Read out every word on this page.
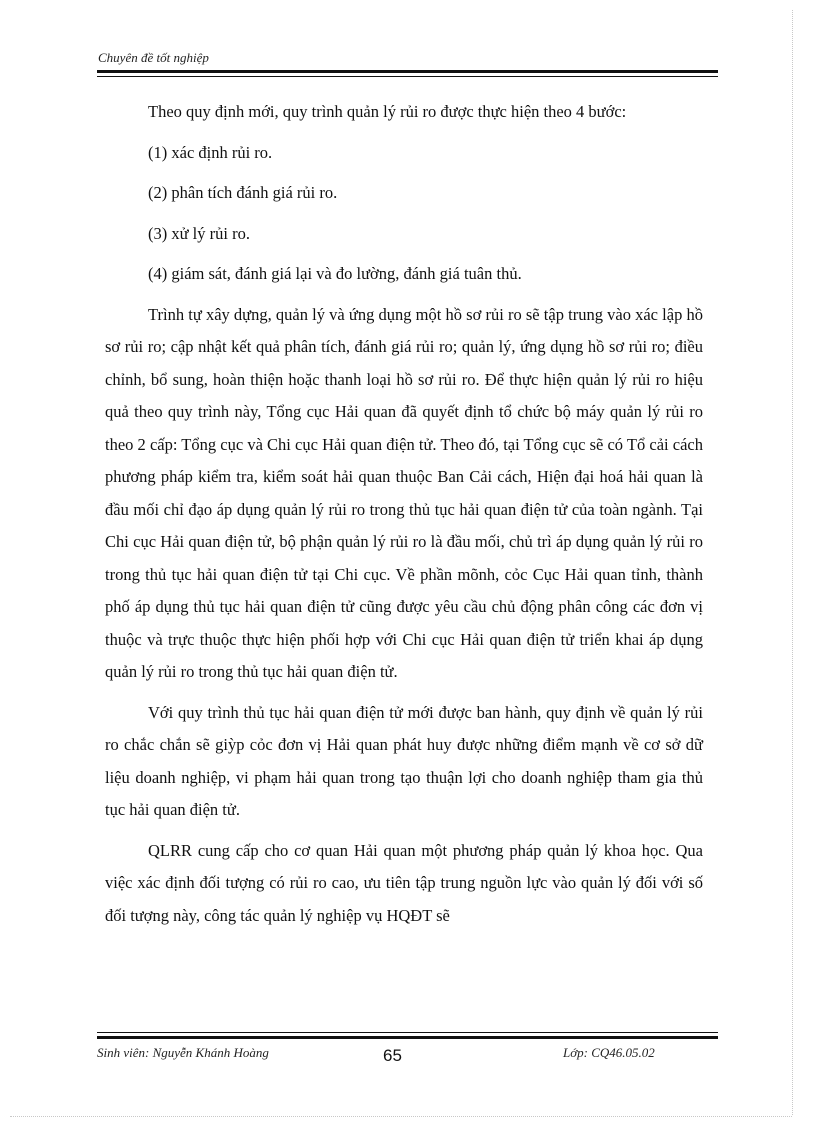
Chuyên đề tốt nghiệp

Theo quy định mới, quy trình quản lý rủi ro được thực hiện theo 4 bước:

(1) xác định rủi ro.

(2) phân tích đánh giá rủi ro.

(3) xử lý rủi ro.

(4) giám sát, đánh giá lại và đo lường, đánh giá tuân thủ.

Trình tự xây dựng, quản lý và ứng dụng một hồ sơ rủi ro sẽ tập trung vào xác lập hồ sơ rủi ro; cập nhật kết quả phân tích, đánh giá rủi ro; quản lý, ứng dụng hồ sơ rủi ro; điều chỉnh, bổ sung, hoàn thiện hoặc thanh loại hồ sơ rủi ro. Để thực hiện quản lý rủi ro hiệu quả theo quy trình này, Tổng cục Hải quan đã quyết định tổ chức bộ máy quản lý rủi ro theo 2 cấp: Tổng cục và Chi cục Hải quan điện tử. Theo đó, tại Tổng cục sẽ có Tổ cải cách phương pháp kiểm tra, kiểm soát hải quan thuộc Ban Cải cách, Hiện đại hoá hải quan là đầu mối chỉ đạo áp dụng quản lý rủi ro trong thủ tục hải quan điện tử của toàn ngành. Tại Chi cục Hải quan điện tử, bộ phận quản lý rủi ro là đầu mối, chủ trì áp dụng quản lý rủi ro trong thủ tục hải quan điện tử tại Chi cục. Về phần mõnh, cỏc Cục Hải quan tỉnh, thành phố áp dụng thủ tục hải quan điện tử cũng được yêu cầu chủ động phân công các đơn vị thuộc và trực thuộc thực hiện phối hợp với Chi cục Hải quan điện tử triển khai áp dụng quản lý rủi ro trong thủ tục hải quan điện tử.

Với quy trình thủ tục hải quan điện tử mới được ban hành, quy định về quản lý rủi ro chắc chắn sẽ giỳp cỏc đơn vị Hải quan phát huy được những điểm mạnh về cơ sở dữ liệu doanh nghiệp, vi phạm hải quan trong tạo thuận lợi cho doanh nghiệp tham gia thủ tục hải quan điện tử.

QLRR cung cấp cho cơ quan Hải quan một phương pháp quản lý khoa học. Qua việc xác định đối tượng có rủi ro cao, ưu tiên tập trung nguồn lực vào quản lý đối với số đối tượng này, công tác quản lý nghiệp vụ HQĐT sẽ

Sinh viên: Nguyễn Khánh Hoàng	65	Lớp: CQ46.05.02
